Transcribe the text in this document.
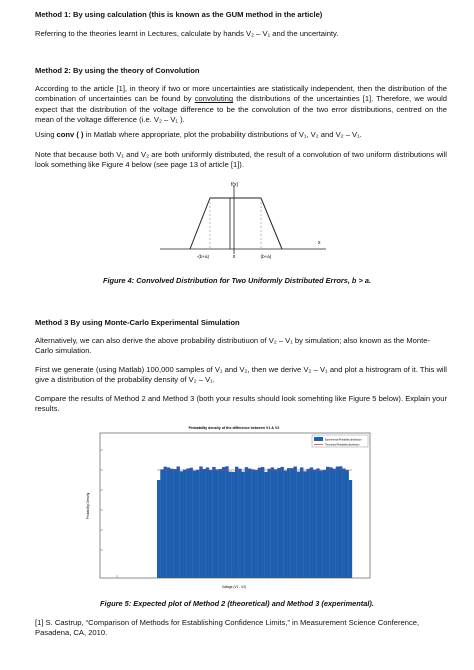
Method 1: By using calculation (this is known as the GUM method in the article)
Referring to the theories learnt in Lectures, calculate by hands V₂ – V₁ and the uncertainty.
Method 2: By using the theory of Convolution
According to the article [1], in theory if two or more uncertainties are statistically independent, then the distribution of the combination of uncertainties can be found by convoluting the distributions of the uncertainties [1]. Therefore, we would expect that the distribution of the voltage difference to be the convolution of the two error distributions, centred on the mean of the voltage difference (i.e. V₂ – V₁ ).
Using conv ( ) in Matlab where appropriate, plot the probability distributions of V₁, V₂ and V₂ – V₁.
Note that because both V₁ and V₂ are both uniformly distributed, the result of a convolution of two uniform distributions will look something like Figure 4 below (see page 13 of article [1]).
f(x)
x
-(b+a)	0	(b+a)
Figure 4: Convolved Distribution for Two Uniformly Distributed Errors, b > a.
Method 3 By using Monte-Carlo Experimental Simulation
Alternatively, we can also derive the above probability distributiuon of V₂ – V₁ by simulation; also known as the Monte-Carlo simulation.
First we generate (using Matlab) 100,000 samples of V₁ and V₂, then we derive V₂ – V₁ and plot a histrogram of it. This will give a distribution of the probability density of V₂ – V₁.
Compare the results of Method 2 and Method 3 (both your results should look somehting like Figure 5 below). Explain your results.
Probability density of the difference between V1 & V2
Experimental Probability distribution
Theoretical Probability distribution
Probability Density
Voltage (V1 - V2)
Figure 5: Expected plot of Method 2 (theoretical) and Method 3 (experimental).
[1] S. Castrup, “Comparison of Methods for Establishing Confidence Limits,” in Measurement Science Conference, Pasadena, CA, 2010.
